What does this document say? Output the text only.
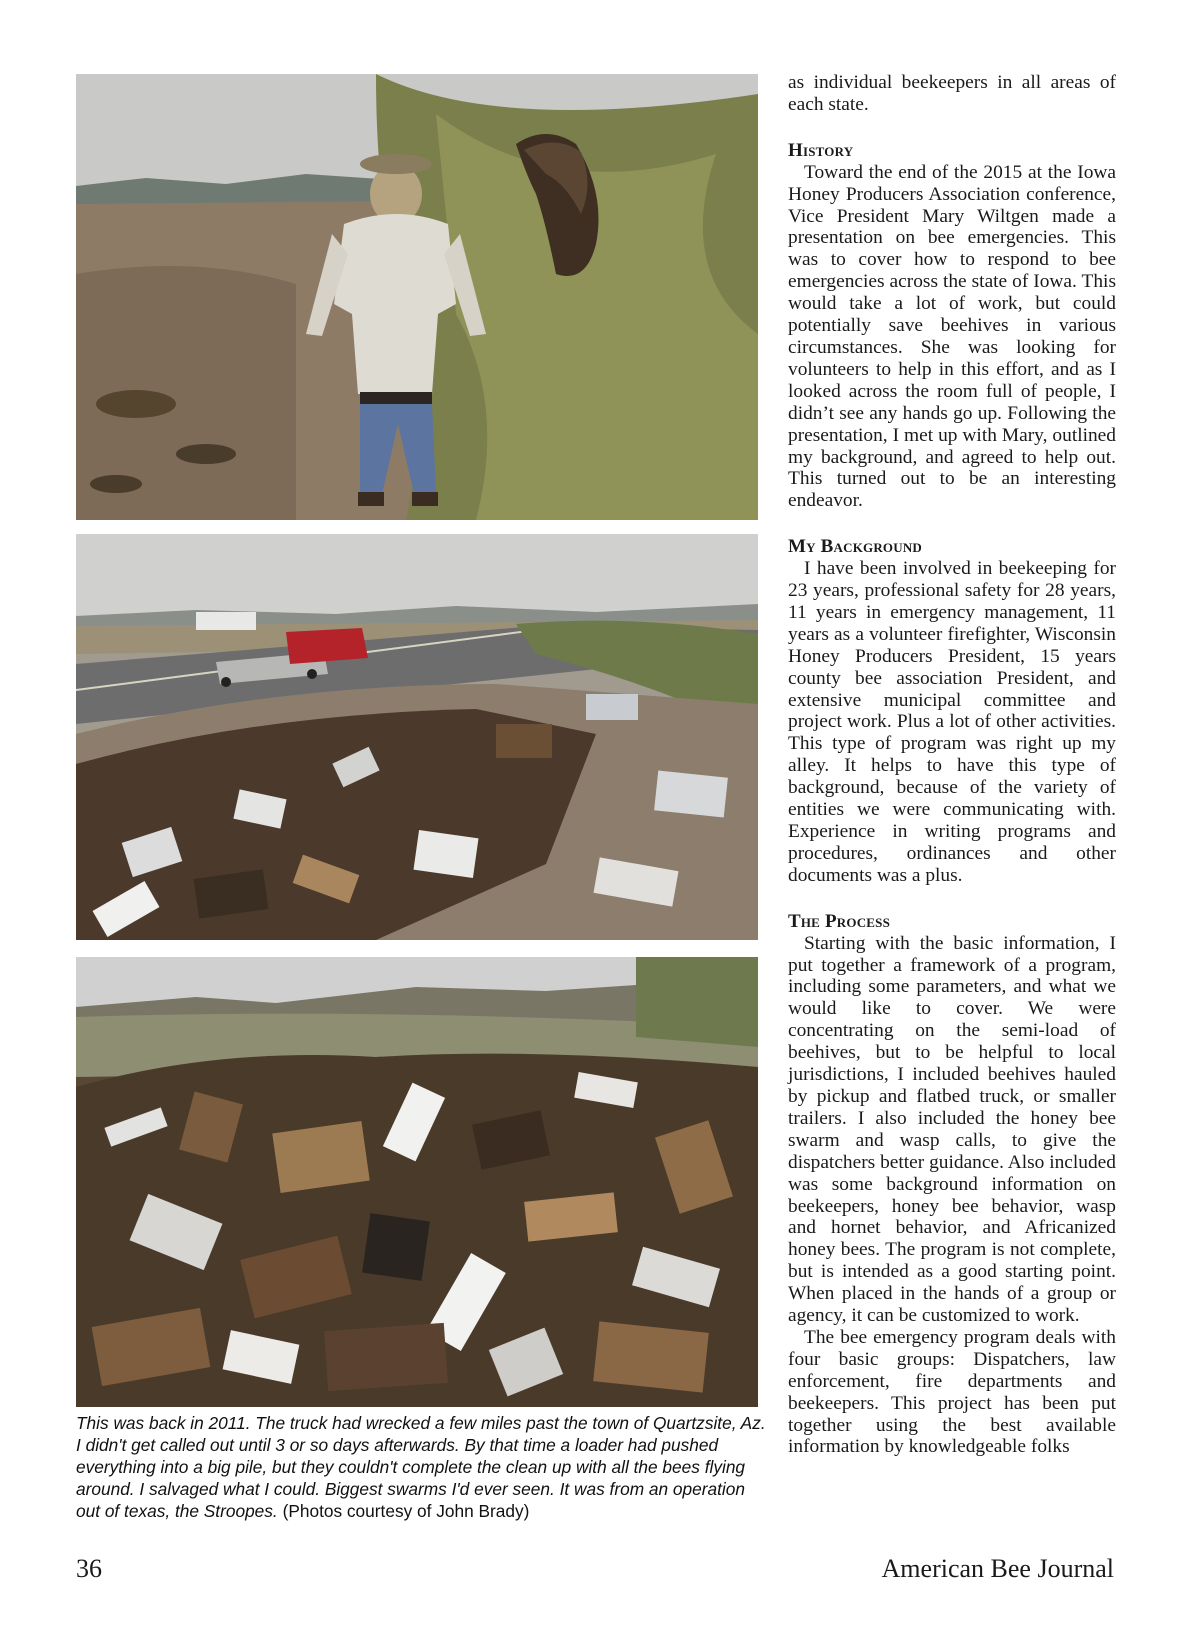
This was back in 2011. The truck had wrecked a few miles past the town of Quartzsite, Az. I didn't get called out until 3 or so days afterwards. By that time a loader had pushed everything into a big pile, but they couldn't complete the clean up with all the bees flying around. I salvaged what I could. Biggest swarms I'd ever seen. It was from an operation out of texas, the Stroopes. (Photos courtesy of John Brady)

as individual beekeepers in all areas of each state.

History

Toward the end of the 2015 at the Iowa Honey Producers Association conference, Vice President Mary Wiltgen made a presentation on bee emergencies. This was to cover how to respond to bee emergencies across the state of Iowa. This would take a lot of work, but could potentially save beehives in various circumstances. She was looking for volunteers to help in this effort, and as I looked across the room full of people, I didn’t see any hands go up. Following the presentation, I met up with Mary, outlined my background, and agreed to help out. This turned out to be an interesting endeavor.

My Background

I have been involved in beekeeping for 23 years, professional safety for 28 years, 11 years in emergency management, 11 years as a volunteer firefighter, Wisconsin Honey Producers President, 15 years county bee association President, and extensive municipal committee and project work. Plus a lot of other activities. This type of program was right up my alley. It helps to have this type of background, because of the variety of entities we were communicating with. Experience in writing programs and procedures, ordinances and other documents was a plus.

The Process

Starting with the basic information, I put together a framework of a program, including some parameters, and what we would like to cover. We were concentrating on the semi-load of beehives, but to be helpful to local jurisdictions, I included beehives hauled by pickup and flatbed truck, or smaller trailers. I also included the honey bee swarm and wasp calls, to give the dispatchers better guidance. Also included was some background information on beekeepers, honey bee behavior, wasp and hornet behavior, and Africanized honey bees. The program is not complete, but is intended as a good starting point. When placed in the hands of a group or agency, it can be customized to work.

The bee emergency program deals with four basic groups: Dispatchers, law enforcement, fire departments and beekeepers. This project has been put together using the best available information by knowledgeable folks

36	American Bee Journal
